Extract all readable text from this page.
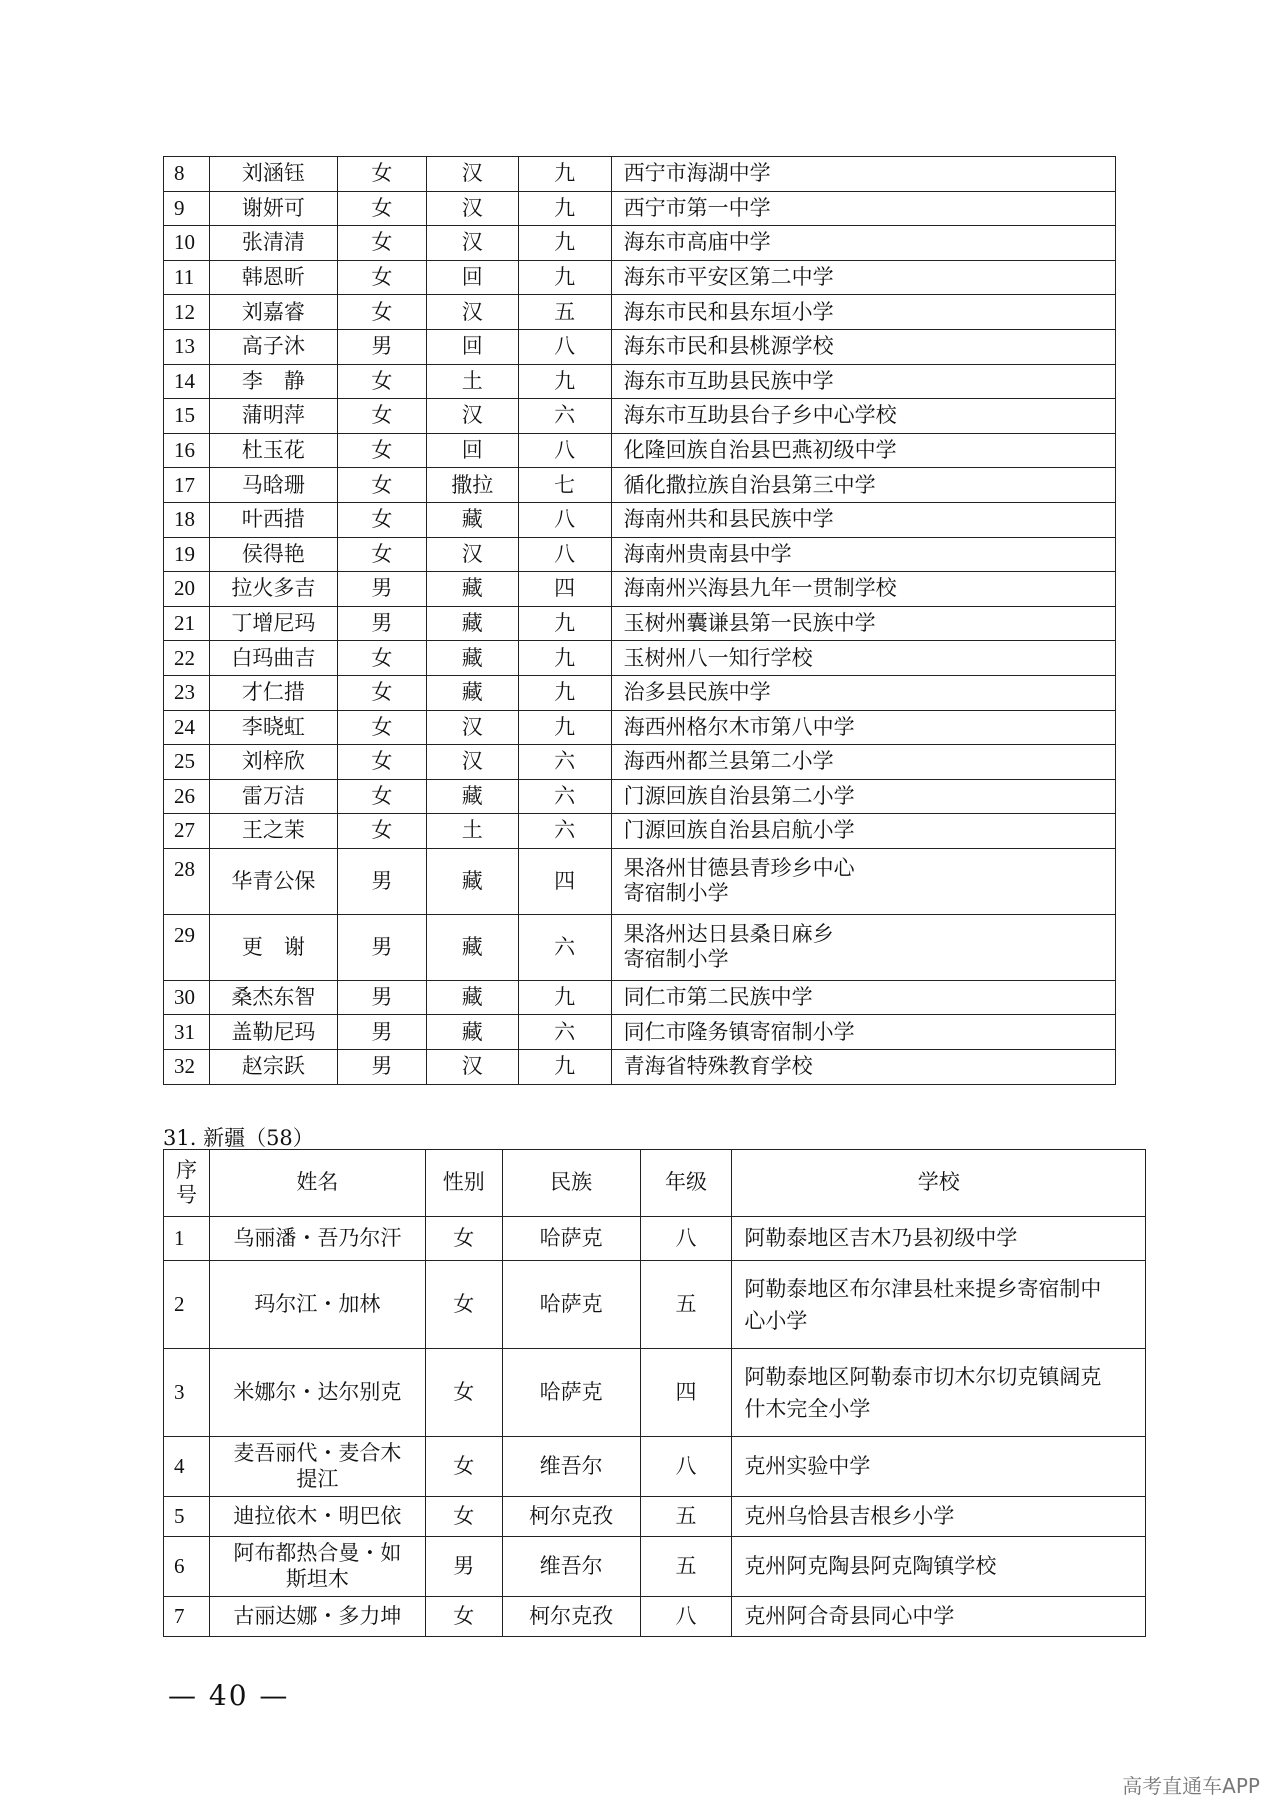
8	刘涵钰	女	汉	九	西宁市海湖中学
9	谢妍可	女	汉	九	西宁市第一中学
10	张清清	女	汉	九	海东市高庙中学
11	韩恩昕	女	回	九	海东市平安区第二中学
12	刘嘉睿	女	汉	五	海东市民和县东垣小学
13	高子沐	男	回	八	海东市民和县桃源学校
14	李　静	女	土	九	海东市互助县民族中学
15	蒲明萍	女	汉	六	海东市互助县台子乡中心学校
16	杜玉花	女	回	八	化隆回族自治县巴燕初级中学
17	马晗珊	女	撒拉	七	循化撒拉族自治县第三中学
18	叶西措	女	藏	八	海南州共和县民族中学
19	侯得艳	女	汉	八	海南州贵南县中学
20	拉火多吉	男	藏	四	海南州兴海县九年一贯制学校
21	丁增尼玛	男	藏	九	玉树州囊谦县第一民族中学
22	白玛曲吉	女	藏	九	玉树州八一知行学校
23	才仁措	女	藏	九	治多县民族中学
24	李晓虹	女	汉	九	海西州格尔木市第八中学
25	刘梓欣	女	汉	六	海西州都兰县第二小学
26	雷万洁	女	藏	六	门源回族自治县第二小学
27	王之茉	女	土	六	门源回族自治县启航小学
28	华青公保	男	藏	四	果洛州甘德县青珍乡中心
寄宿制小学
29	更　谢	男	藏	六	果洛州达日县桑日麻乡
寄宿制小学
30	桑杰东智	男	藏	九	同仁市第二民族中学
31	盖勒尼玛	男	藏	六	同仁市隆务镇寄宿制小学
32	赵宗跃	男	汉	九	青海省特殊教育学校
31. 新疆（58）
序
号	姓名	性别	民族	年级	学校
1	乌丽潘・吾乃尔汗	女	哈萨克	八	阿勒泰地区吉木乃县初级中学
2	玛尔江・加林	女	哈萨克	五	阿勒泰地区布尔津县杜来提乡寄宿制中
心小学
3	米娜尔・达尔别克	女	哈萨克	四	阿勒泰地区阿勒泰市切木尔切克镇阔克
什木完全小学
4	麦吾丽代・麦合木
提江	女	维吾尔	八	克州实验中学
5	迪拉依木・明巴依	女	柯尔克孜	五	克州乌恰县吉根乡小学
6	阿布都热合曼・如
斯坦木	男	维吾尔	五	克州阿克陶县阿克陶镇学校
7	古丽达娜・多力坤	女	柯尔克孜	八	克州阿合奇县同心中学
— 40 —
高考直通车APP
